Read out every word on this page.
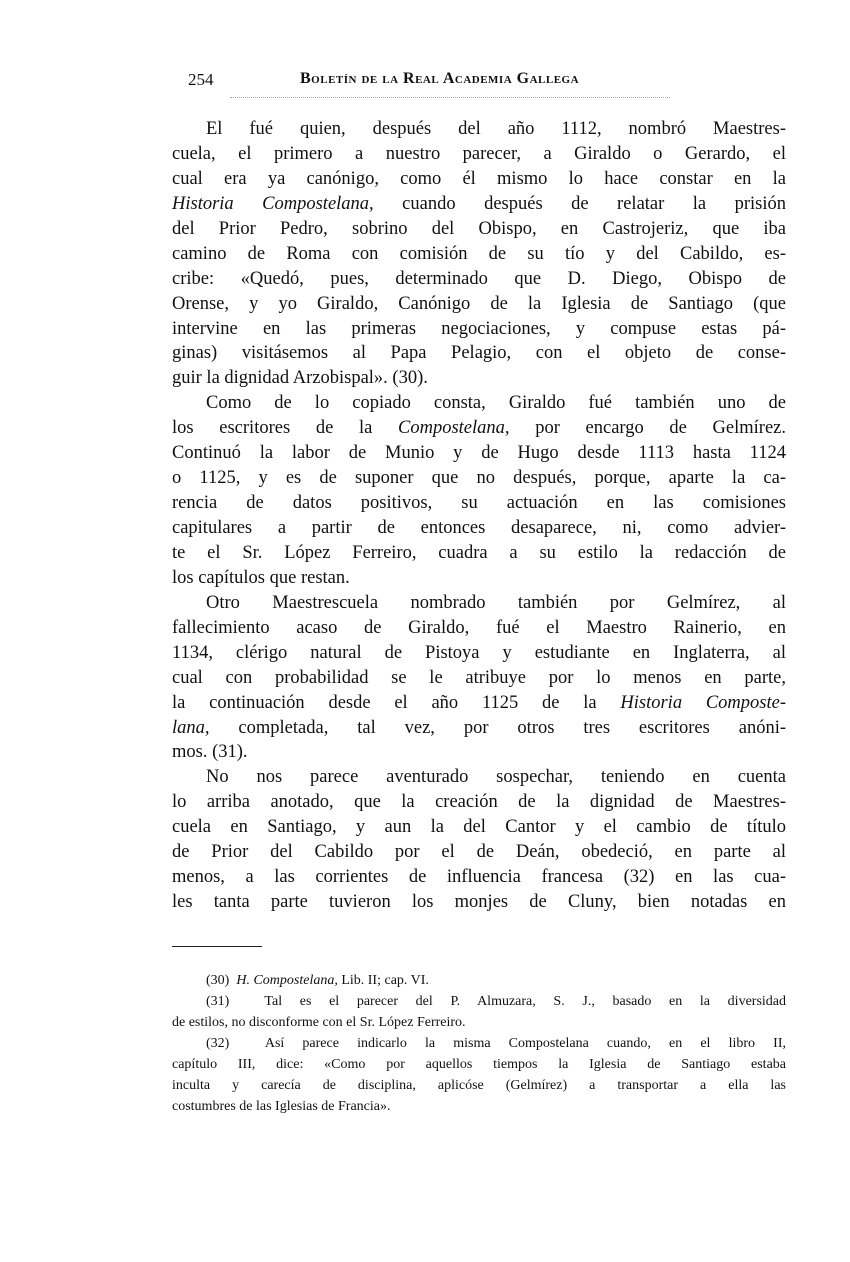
254	Boletín de la Real Academia Gallega
El fué quien, después del año 1112, nombró Maestres-
cuela, el primero a nuestro parecer, a Giraldo o Gerardo, el
cual era ya canónigo, como él mismo lo hace constar en la
Historia Compostelana, cuando después de relatar la prisión
del Prior Pedro, sobrino del Obispo, en Castrojeriz, que iba
camino de Roma con comisión de su tío y del Cabildo, es-
cribe: «Quedó, pues, determinado que D. Diego, Obispo de
Orense, y yo Giraldo, Canónigo de la Iglesia de Santiago (que
intervine en las primeras negociaciones, y compuse estas pá-
ginas) visitásemos al Papa Pelagio, con el objeto de conse-
guir la dignidad Arzobispal». (30).
Como de lo copiado consta, Giraldo fué también uno de
los escritores de la Compostelana, por encargo de Gelmírez.
Continuó la labor de Munio y de Hugo desde 1113 hasta 1124
o 1125, y es de suponer que no después, porque, aparte la ca-
rencia de datos positivos, su actuación en las comisiones
capitulares a partir de entonces desaparece, ni, como advier-
te el Sr. López Ferreiro, cuadra a su estilo la redacción de
los capítulos que restan.
Otro Maestrescuela nombrado también por Gelmírez, al
fallecimiento acaso de Giraldo, fué el Maestro Rainerio, en
1134, clérigo natural de Pistoya y estudiante en Inglaterra, al
cual con probabilidad se le atribuye por lo menos en parte,
la continuación desde el año 1125 de la Historia Composte-
lana, completada, tal vez, por otros tres escritores anóni-
mos. (31).
No nos parece aventurado sospechar, teniendo en cuenta
lo arriba anotado, que la creación de la dignidad de Maestres-
cuela en Santiago, y aun la del Cantor y el cambio de título
de Prior del Cabildo por el de Deán, obedeció, en parte al
menos, a las corrientes de influencia francesa (32) en las cua-
les tanta parte tuvieron los monjes de Cluny, bien notadas en
(30)  H. Compostelana, Lib. II; cap. VI.
(31)  Tal es el parecer del P. Almuzara, S. J., basado en la diversidad
de estilos, no disconforme con el Sr. López Ferreiro.
(32)  Así parece indicarlo la misma Compostelana cuando, en el libro II,
capítulo III, dice: «Como por aquellos tiempos la Iglesia de Santiago estaba
inculta y carecía de disciplina, aplicóse (Gelmírez) a transportar a ella las
costumbres de las Iglesias de Francia».
